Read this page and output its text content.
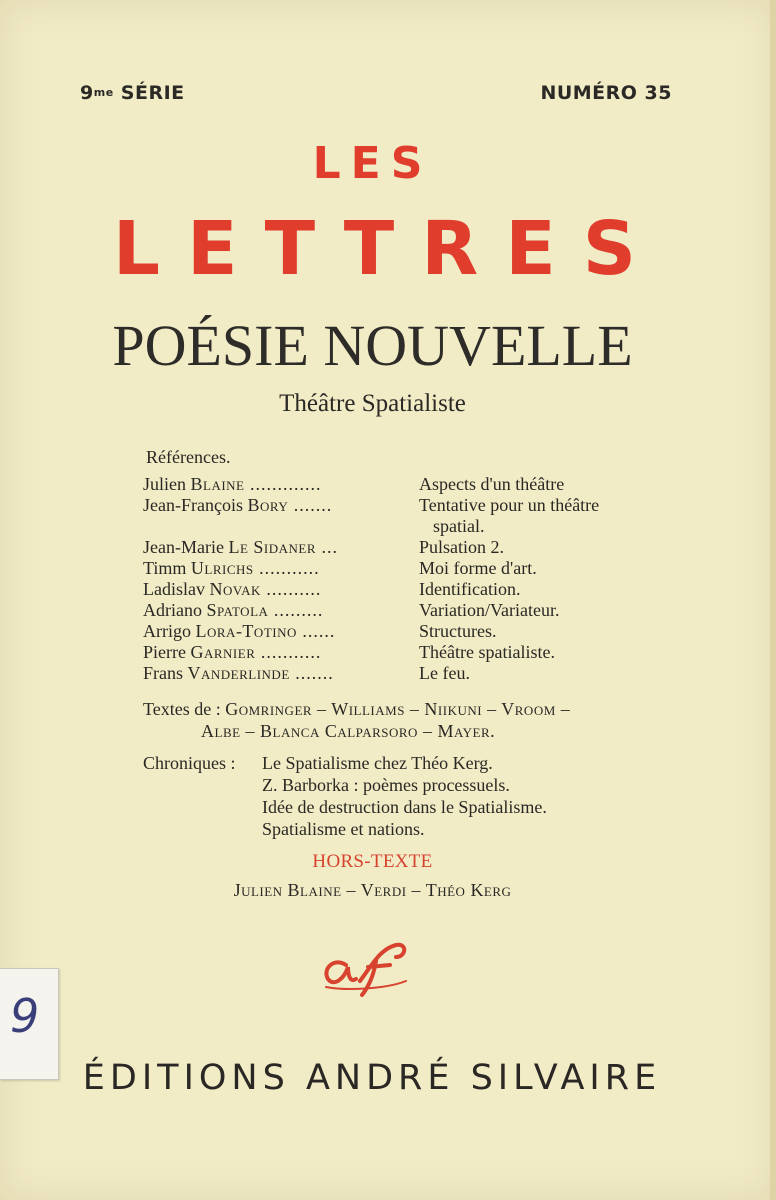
$9^{me}$ SÉRIE	NUMÉRO 35
LES
LETTRES
POÉSIE NOUVELLE
Théâtre Spatialiste
Références.
Julien Blaine .............	Aspects d'un théâtre
Jean-François Bory .......	Tentative pour un théâtre
spatial.
Jean-Marie Le Sidaner ...	Pulsation 2.
Timm Ulrichs ...........	Moi forme d'art.
Ladislav Novak ..........	Identification.
Adriano Spatola .........	Variation/Variateur.
Arrigo Lora-Totino ......	Structures.
Pierre Garnier ...........	Théâtre spatialiste.
Frans Vanderlinde .......	Le feu.
Textes de : Gomringer – Williams – Niikuni – Vroom –
Albe – Blanca Calparsoro – Mayer.
Chroniques : Le Spatialisme chez Théo Kerg.
Z. Barborka : poèmes processuels.
Idée de destruction dans le Spatialisme.
Spatialisme et nations.
HORS-TEXTE
Julien Blaine – Verdi – Théo Kerg
ÉDITIONS ANDRÉ SILVAIRE
9
